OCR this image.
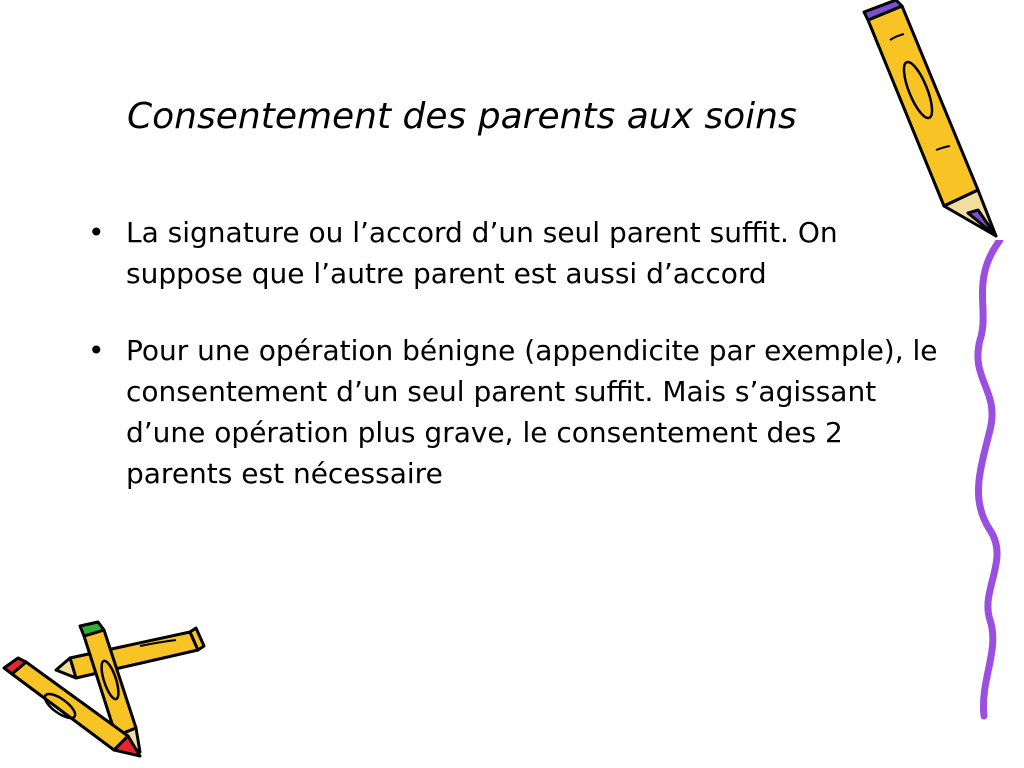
Consentement des parents aux soins
• La signature ou l’accord d’un seul parent suffit. On suppose que l’autre parent est aussi d’accord
• Pour une opération bénigne (appendicite par exemple), le consentement d’un seul parent suffit. Mais s’agissant d’une opération plus grave, le consentement des 2 parents est nécessaire
